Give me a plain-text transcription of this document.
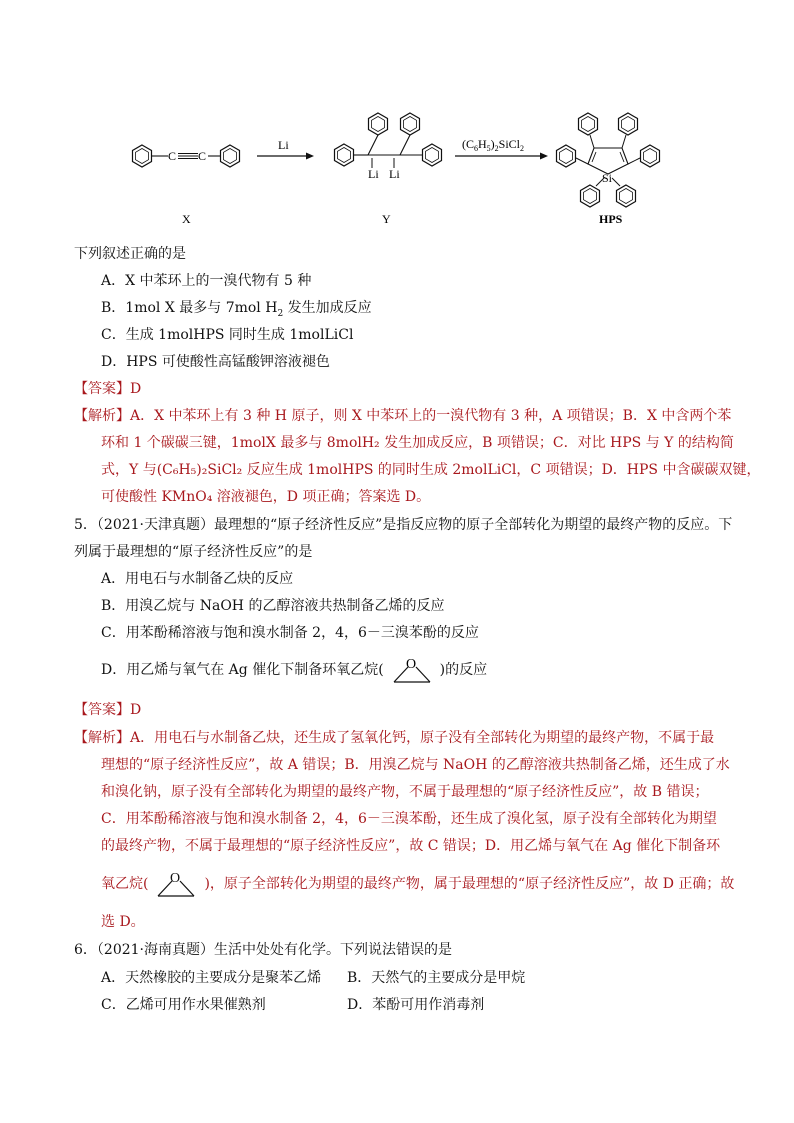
C C
X
Li
Li Li
Y
$(C_6H_5)_2SiCl_2$
Si
HPS
下列叙述正确的是
A．X 中苯环上的一溴代物有 5 种
B．1mol X 最多与 7mol $H_2$ 发生加成反应
C．生成 1molHPS 同时生成 1molLiCl
D．HPS 可使酸性高锰酸钾溶液褪色
【答案】D
【解析】A．X 中苯环上有 3 种 H 原子，则 X 中苯环上的一溴代物有 3 种，A 项错误；B．X 中含两个苯
环和 1 个碳碳三键，1molX 最多与 8molH₂ 发生加成反应，B 项错误；C．对比 HPS 与 Y 的结构简
式，Y 与(C₆H₅)₂SiCl₂ 反应生成 1molHPS 的同时生成 2molLiCl，C 项错误；D．HPS 中含碳碳双键，
可使酸性 KMnO₄ 溶液褪色，D 项正确；答案选 D。
5．（2021·天津真题）最理想的“原子经济性反应”是指反应物的原子全部转化为期望的最终产物的反应。下
列属于最理想的“原子经济性反应”的是
A．用电石与水制备乙炔的反应
B．用溴乙烷与 NaOH 的乙醇溶液共热制备乙烯的反应
C．用苯酚稀溶液与饱和溴水制备 2，4，6－三溴苯酚的反应
D．用乙烯与氧气在 Ag 催化下制备环氧乙烷( O )的反应
【答案】D
【解析】A．用电石与水制备乙炔，还生成了氢氧化钙，原子没有全部转化为期望的最终产物，不属于最
理想的“原子经济性反应”，故 A 错误；B．用溴乙烷与 NaOH 的乙醇溶液共热制备乙烯，还生成了水
和溴化钠，原子没有全部转化为期望的最终产物，不属于最理想的“原子经济性反应”，故 B 错误；
C．用苯酚稀溶液与饱和溴水制备 2，4，6－三溴苯酚，还生成了溴化氢，原子没有全部转化为期望
的最终产物，不属于最理想的“原子经济性反应”，故 C 错误；D．用乙烯与氧气在 Ag 催化下制备环
氧乙烷( O )，原子全部转化为期望的最终产物，属于最理想的“原子经济性反应”，故 D 正确；故
选 D。
6．（2021·海南真题）生活中处处有化学。下列说法错误的是
A．天然橡胶的主要成分是聚苯乙烯 B．天然气的主要成分是甲烷
C．乙烯可用作水果催熟剂	D．苯酚可用作消毒剂
